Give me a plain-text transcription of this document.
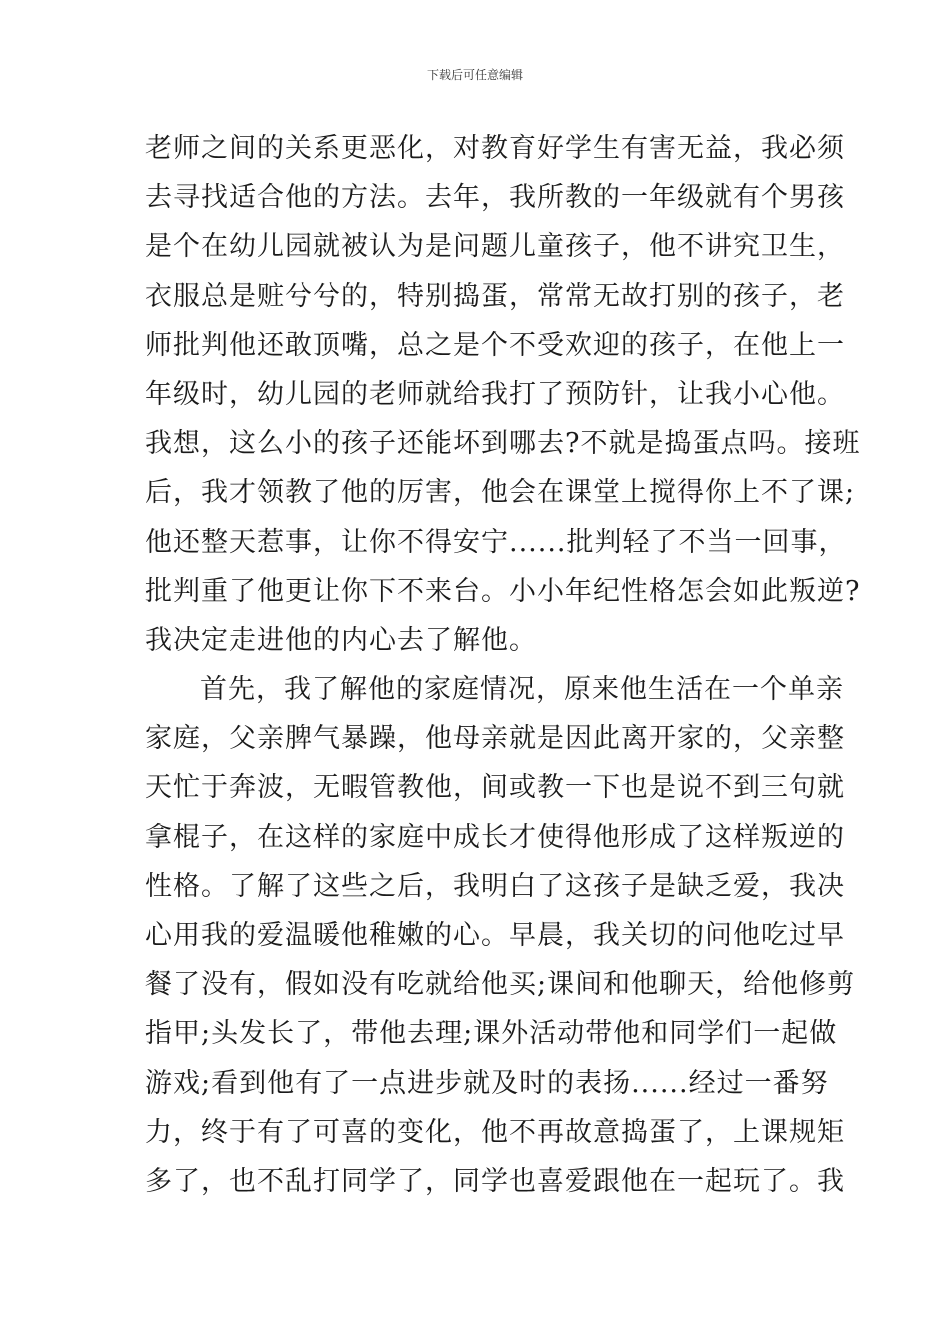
下载后可任意编辑
老师之间的关系更恶化，对教育好学生有害无益，我必须
去寻找适合他的方法。去年，我所教的一年级就有个男孩
是个在幼儿园就被认为是问题儿童孩子，他不讲究卫生，
衣服总是赃兮兮的，特别捣蛋，常常无故打别的孩子，老
师批判他还敢顶嘴，总之是个不受欢迎的孩子，在他上一
年级时，幼儿园的老师就给我打了预防针，让我小心他。
我想，这么小的孩子还能坏到哪去?不就是捣蛋点吗。接班
后，我才领教了他的厉害，他会在课堂上搅得你上不了课;
他还整天惹事，让你不得安宁......批判轻了不当一回事，
批判重了他更让你下不来台。小小年纪性格怎会如此叛逆?
我决定走进他的内心去了解他。
首先，我了解他的家庭情况，原来他生活在一个单亲
家庭，父亲脾气暴躁，他母亲就是因此离开家的，父亲整
天忙于奔波，无暇管教他，间或教一下也是说不到三句就
拿棍子，在这样的家庭中成长才使得他形成了这样叛逆的
性格。了解了这些之后，我明白了这孩子是缺乏爱，我决
心用我的爱温暖他稚嫩的心。早晨，我关切的问他吃过早
餐了没有，假如没有吃就给他买;课间和他聊天，给他修剪
指甲;头发长了，带他去理;课外活动带他和同学们一起做
游戏;看到他有了一点进步就及时的表扬......经过一番努
力，终于有了可喜的变化，他不再故意捣蛋了，上课规矩
多了，也不乱打同学了，同学也喜爱跟他在一起玩了。我
